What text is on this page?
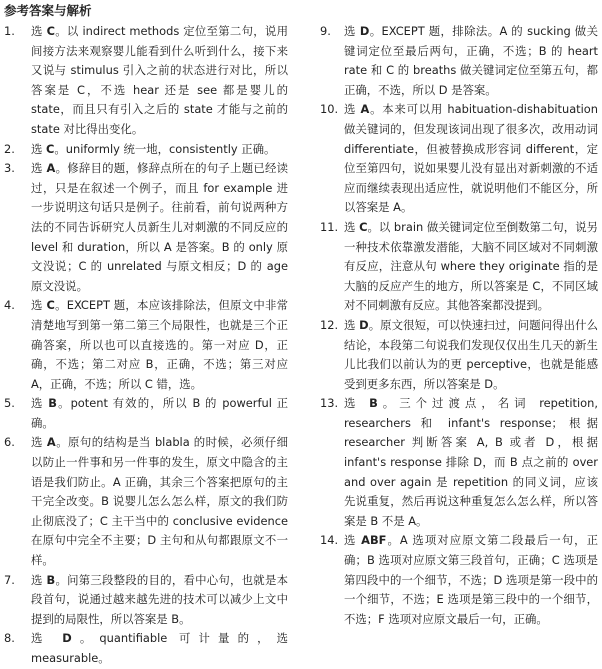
参考答案与解析
1.	选 C。以 indirect methods 定位至第二句，说用间接方法来观察婴儿能看到什么听到什么，接下来又说与 stimulus 引入之前的状态进行对比，所以答案是 C，不选 hear 还是 see 都是婴儿的 state，而且只有引入之后的 state 才能与之前的 state 对比得出变化。
2.	选 C。uniformly 统一地，consistently 正确。
3.	选 A。修辞目的题，修辞点所在的句子上题已经读过，只是在叙述一个例子，而且 for example 进一步说明这句话只是例子。往前看，前句说两种方法的不同告诉研究人员新生儿对刺激的不同反应的 level 和 duration，所以 A 是答案。B 的 only 原文没说；C 的 unrelated 与原文相反；D 的 age 原文没说。
4.	选 C。EXCEPT 题，本应该排除法，但原文中非常清楚地写到第一第二第三个局限性，也就是三个正确答案，所以也可以直接选的。第一对应 D，正确，不选；第二对应 B，正确，不选；第三对应 A，正确，不选；所以 C 错，选。
5.	选 B。potent 有效的，所以 B 的 powerful 正确。
6.	选 A。原句的结构是当 blabla 的时候，必须仔细以防止一件事和另一件事的发生，原文中隐含的主语是我们防止。A 正确，其余三个答案把原句的主干完全改变。B 说婴儿怎么怎么样，原文的我们防止彻底没了；C 主干当中的 conclusive evidence 在原句中完全不主要；D 主句和从句都跟原文不一样。
7.	选 B。问第三段整段的目的，看中心句，也就是本段首句，说通过越来越先进的技术可以减少上文中提到的局限性，所以答案是 B。
8.	选 D。quantifiable 可计量的，选 measurable。
9.	选 D。EXCEPT 题，排除法。A 的 sucking 做关键词定位至最后两句，正确，不选；B 的 heart rate 和 C 的 breaths 做关键词定位至第五句，都正确，不选，所以 D 是答案。
10. 选 A。本来可以用 habituation-dishabituation 做关键词的，但发现该词出现了很多次，改用动词 differentiate，但被替换成形容词 different，定位至第四句，说如果婴儿没有显出对新刺激的不适应而继续表现出适应性，就说明他们不能区分，所以答案是 A。
11. 选 C。以 brain 做关键词定位至倒数第二句，说另一种技术依靠激发潜能，大脑不同区域对不同刺激有反应，注意从句 where they originate 指的是大脑的反应产生的地方，所以答案是 C，不同区域对不同刺激有反应。其他答案都没提到。
12. 选 D。原文很短，可以快速扫过，问题问得出什么结论，本段第二句说我们发现仅仅出生几天的新生儿比我们以前认为的更 perceptive，也就是能感受到更多东西，所以答案是 D。
13. 选 B。三个过渡点，名词 repetition, researchers 和 infant's response；根据 researcher 判断答案 A, B 或者 D，根据 infant's response 排除 D，而 B 点之前的 over and over again 是 repetition 的同义词，应该先说重复，然后再说这种重复怎么怎么样，所以答案是 B 不是 A。
14. 选 ABF。A 选项对应原文第二段最后一句，正确；B 选项对应原文第三段首句，正确；C 选项是第四段中的一个细节，不选；D 选项是第一段中的一个细节，不选；E 选项是第三段中的一个细节，不选；F 选项对应原文最后一句，正确。
